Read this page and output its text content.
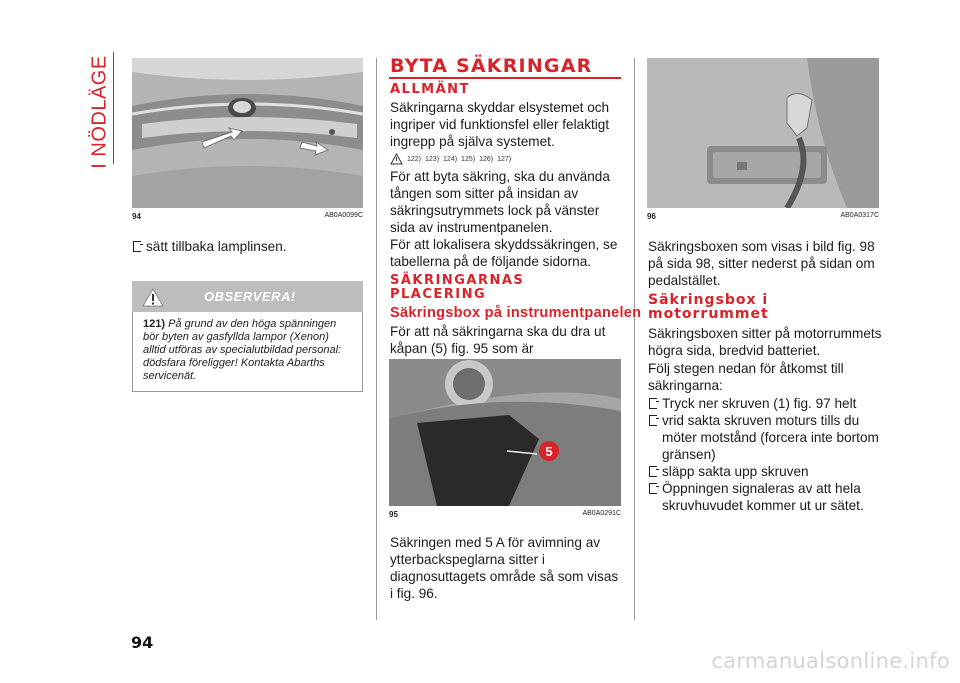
I NÖDLÄGE
94	AB0A0099C
sätt tillbaka lamplinsen.
OBSERVERA!
121) På grund av den höga spänningen bör byten av gasfyllda lampor (Xenon) alltid utföras av specialutbildad personal: dödsfara föreligger! Kontakta Abarths servicenät.
94
BYTA SÄKRINGAR
ALLMÄNT
Säkringarna skyddar elsystemet och ingriper vid funktionsfel eller felaktigt ingrepp på själva systemet.
122) 123) 124) 125) 126) 127)
För att byta säkring, ska du använda tången som sitter på insidan av säkringsutrymmets lock på vänster sida av instrumentpanelen.
För att lokalisera skyddssäkringen, se tabellerna på de följande sidorna.
SÄKRINGARNAS PLACERING
Säkringsbox på instrumentpanelen
För att nå säkringarna ska du dra ut kåpan (5) fig. 95 som är
5
95	AB0A0291C
Säkringen med 5 A för avimning av ytterbackspeglarna sitter i diagnosuttagets område så som visas i fig. 96.
96	AB0A0317C
Säkringsboxen som visas i bild fig. 98 på sida 98, sitter nederst på sidan om pedalstället.
Säkringsbox i motorrummet
Säkringsboxen sitter på motorrummets högra sida, bredvid batteriet.
Följ stegen nedan för åtkomst till säkringarna:
Tryck ner skruven (1) fig. 97 helt
vrid sakta skruven moturs tills du möter motstånd (forcera inte bortom gränsen)
släpp sakta upp skruven
Öppningen signaleras av att hela skruvhuvudet kommer ut ur sätet.
carmanualsonline.info
